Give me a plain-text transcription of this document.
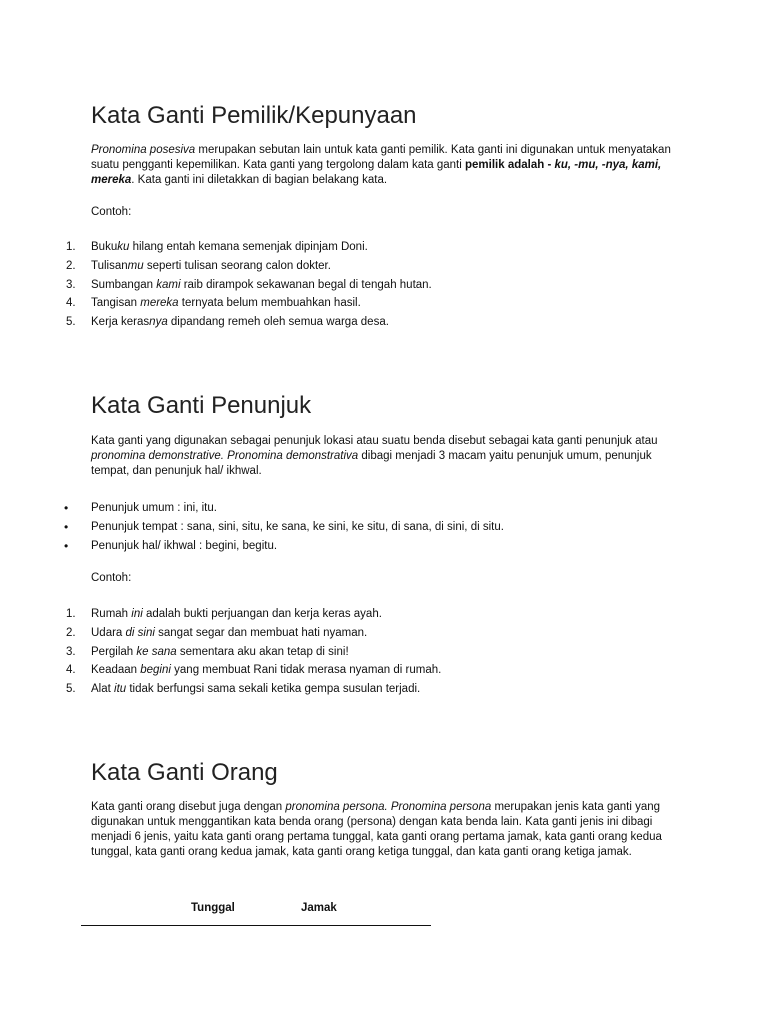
Kata Ganti Pemilik/Kepunyaan

Pronomina posesiva merupakan sebutan lain untuk kata ganti pemilik. Kata ganti ini digunakan untuk menyatakan suatu pengganti kepemilikan. Kata ganti yang tergolong dalam kata ganti pemilik adalah - ku, -mu, -nya, kami, mereka. Kata ganti ini diletakkan di bagian belakang kata.

Contoh:

1.	Bukuku hilang entah kemana semenjak dipinjam Doni.
2.	Tulisanmu seperti tulisan seorang calon dokter.
3.	Sumbangan kami raib dirampok sekawanan begal di tengah hutan.
4.	Tangisan mereka ternyata belum membuahkan hasil.
5.	Kerja kerasnya dipandang remeh oleh semua warga desa.
Kata Ganti Penunjuk

Kata ganti yang digunakan sebagai penunjuk lokasi atau suatu benda disebut sebagai kata ganti penunjuk atau pronomina demonstrative. Pronomina demonstrativa dibagi menjadi 3 macam yaitu penunjuk umum, penunjuk tempat, dan penunjuk hal/ ikhwal.

• Penunjuk umum : ini, itu.
• Penunjuk tempat : sana, sini, situ, ke sana, ke sini, ke situ, di sana, di sini, di situ.
• Penunjuk hal/ ikhwal : begini, begitu.

Contoh:

1.	Rumah ini adalah bukti perjuangan dan kerja keras ayah.
2.	Udara di sini sangat segar dan membuat hati nyaman.
3.	Pergilah ke sana sementara aku akan tetap di sini!
4.	Keadaan begini yang membuat Rani tidak merasa nyaman di rumah.
5.	Alat itu tidak berfungsi sama sekali ketika gempa susulan terjadi.
Kata Ganti Orang

Kata ganti orang disebut juga dengan pronomina persona. Pronomina persona merupakan jenis kata ganti yang digunakan untuk menggantikan kata benda orang (persona) dengan kata benda lain. Kata ganti jenis ini dibagi menjadi 6 jenis, yaitu kata ganti orang pertama tunggal, kata ganti orang pertama jamak, kata ganti orang kedua tunggal, kata ganti orang kedua jamak, kata ganti orang ketiga tunggal, dan kata ganti orang ketiga jamak.

Tunggal	Jamak
